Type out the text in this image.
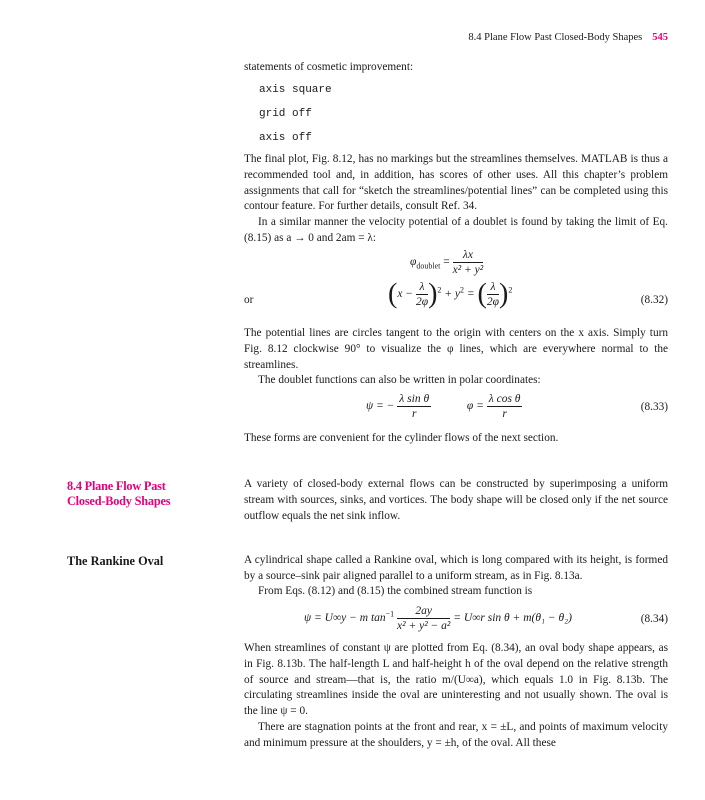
8.4 Plane Flow Past Closed-Body Shapes 545
statements of cosmetic improvement:
axis square
grid off
axis off
The final plot, Fig. 8.12, has no markings but the streamlines themselves. MATLAB is thus a recommended tool and, in addition, has scores of other uses. All this chapter’s problem assignments that call for “sketch the streamlines/potential lines” can be completed using this contour feature. For further details, consult Ref. 34.
In a similar manner the velocity potential of a doublet is found by taking the limit of Eq. (8.15) as a → 0 and 2am = λ:
$\varphi_{doublet} = \frac{\lambda x}{\text{x² + y²}}$
or	$(x - \frac{\lambda}{2\varphi} )^2 + y^2$ = ( $\frac{\lambda}{2\varphi} )^2$
(8.32)
The potential lines are circles tangent to the origin with centers on the x axis. Simply turn Fig. 8.12 clockwise 90° to visualize the φ lines, which are everywhere normal to the streamlines.
The doublet functions can also be written in polar coordinates:
ψ = − $\frac{\text{λ sin θ}}{r}$	$\varphi = \frac{\text{λ cos θ}}{r}$	(8.33)
These forms are convenient for the cylinder flows of the next section.
8.4 Plane Flow Past
Closed-Body Shapes
A variety of closed-body external flows can be constructed by superimposing a uniform stream with sources, sinks, and vortices. The body shape will be closed only if the net source outflow equals the net sink inflow.
The Rankine Oval	A cylindrical shape called a Rankine oval, which is long compared with its height, is formed by a source–sink pair aligned parallel to a uniform stream, as in Fig. 8.13a.
From Eqs. (8.12) and (8.15) the combined stream function is
ψ = U∞y − m $\tan^{-1} \frac{2ay}{\text{x² + y² − a²}} = U\infty r$ sin θ + m(θ₁ − θ₂)	(8.34)
When streamlines of constant ψ are plotted from Eq. (8.34), an oval body shape appears, as in Fig. 8.13b. The half-length L and half-height h of the oval depend on the relative strength of source and stream—that is, the ratio m/(U∞a), which equals 1.0 in Fig. 8.13b. The circulating streamlines inside the oval are uninteresting and not usually shown. The oval is the line ψ = 0.
There are stagnation points at the front and rear, x = ±L, and points of maximum velocity and minimum pressure at the shoulders, y = ±h, of the oval. All these
